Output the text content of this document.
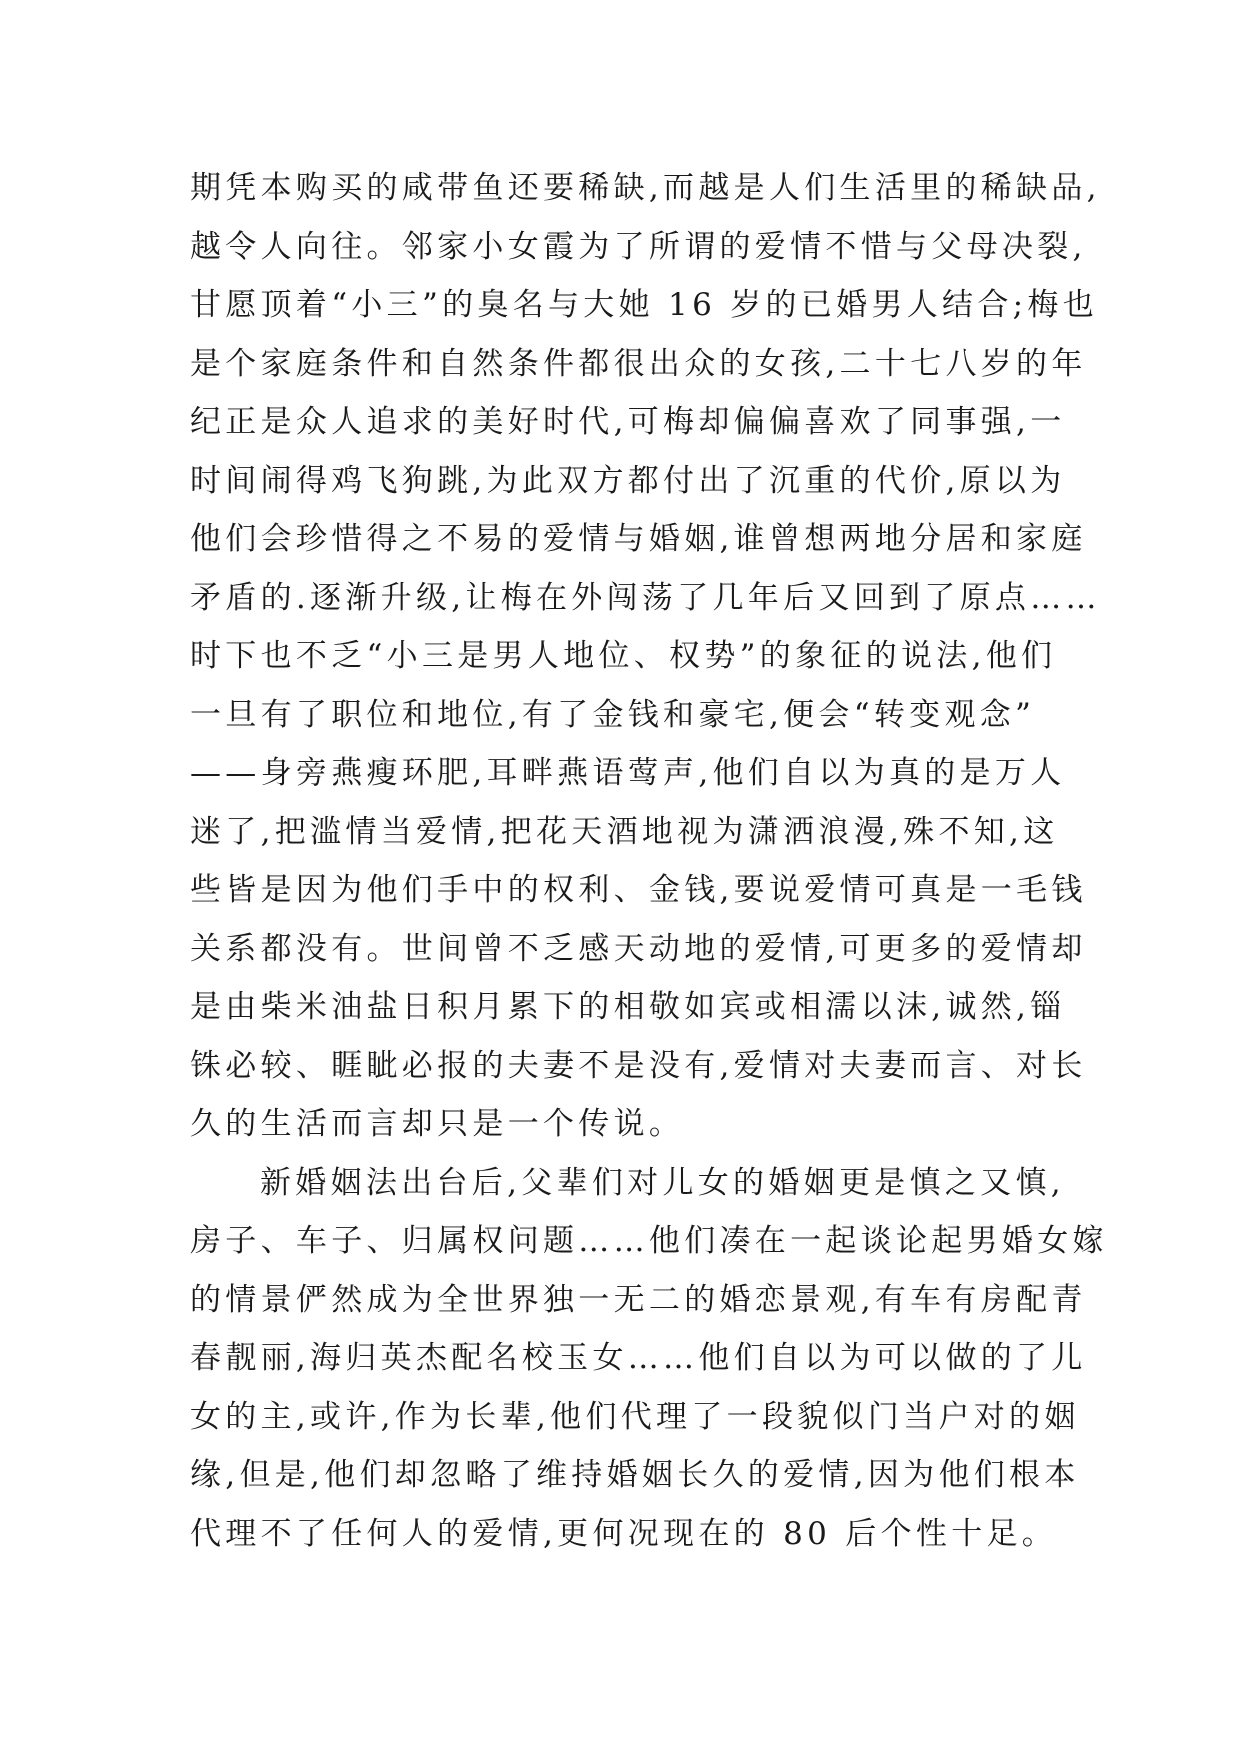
期凭本购买的咸带鱼还要稀缺,而越是人们生活里的稀缺品,
越令人向往。邻家小女霞为了所谓的爱情不惜与父母决裂,
甘愿顶着“小三”的臭名与大她 16 岁的已婚男人结合;梅也
是个家庭条件和自然条件都很出众的女孩,二十七八岁的年
纪正是众人追求的美好时代,可梅却偏偏喜欢了同事强,一
时间闹得鸡飞狗跳,为此双方都付出了沉重的代价,原以为
他们会珍惜得之不易的爱情与婚姻,谁曾想两地分居和家庭
矛盾的.逐渐升级,让梅在外闯荡了几年后又回到了原点……
时下也不乏“小三是男人地位、权势”的象征的说法,他们
一旦有了职位和地位,有了金钱和豪宅,便会“转变观念”
——身旁燕瘦环肥,耳畔燕语莺声,他们自以为真的是万人
迷了,把滥情当爱情,把花天酒地视为潇洒浪漫,殊不知,这
些皆是因为他们手中的权利、金钱,要说爱情可真是一毛钱
关系都没有。世间曾不乏感天动地的爱情,可更多的爱情却
是由柴米油盐日积月累下的相敬如宾或相濡以沫,诚然,锱
铢必较、睚眦必报的夫妻不是没有,爱情对夫妻而言、对长
久的生活而言却只是一个传说。
新婚姻法出台后,父辈们对儿女的婚姻更是慎之又慎,
房子、车子、归属权问题……他们凑在一起谈论起男婚女嫁
的情景俨然成为全世界独一无二的婚恋景观,有车有房配青
春靓丽,海归英杰配名校玉女……他们自以为可以做的了儿
女的主,或许,作为长辈,他们代理了一段貌似门当户对的姻
缘,但是,他们却忽略了维持婚姻长久的爱情,因为他们根本
代理不了任何人的爱情,更何况现在的 80 后个性十足。
